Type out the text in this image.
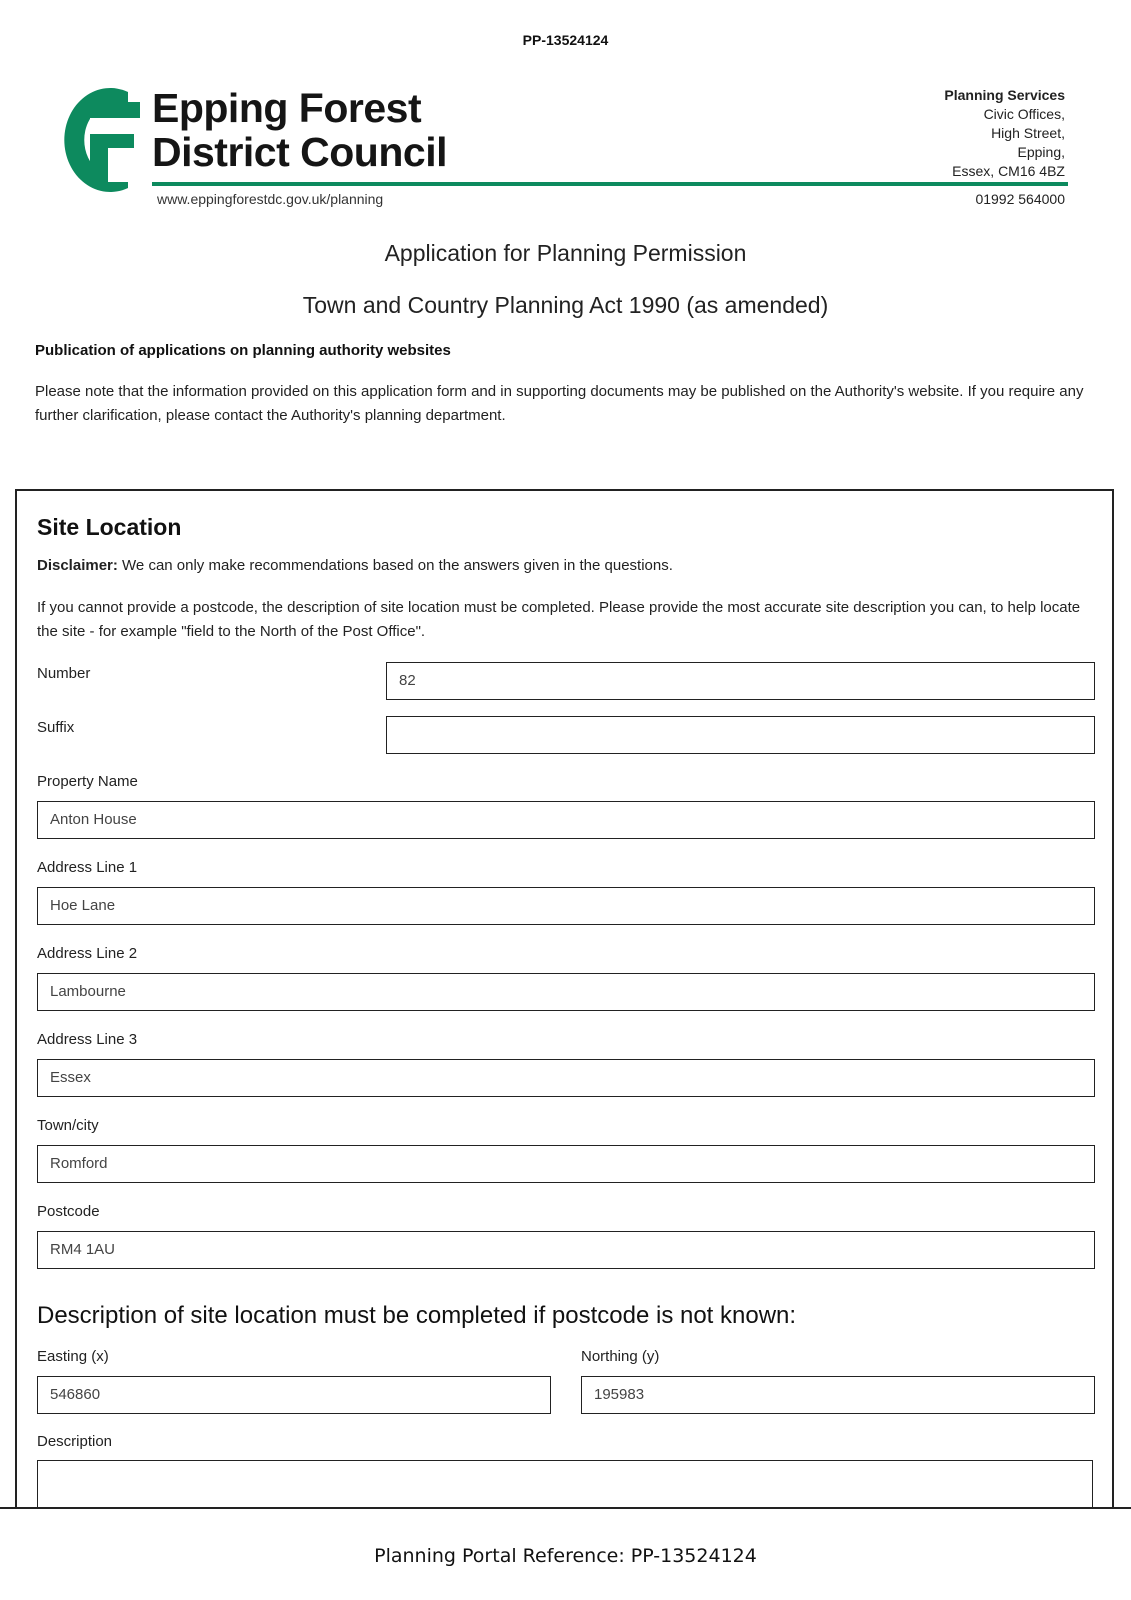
PP-13524124
Epping Forest
District Council
www.eppingforestdc.gov.uk/planning
Planning Services
Civic Offices,
High Street,
Epping,
Essex, CM16 4BZ
01992 564000
Application for Planning Permission
Town and Country Planning Act 1990 (as amended)
Publication of applications on planning authority websites
Please note that the information provided on this application form and in supporting documents may be published on the Authority's website. If you require any further clarification, please contact the Authority's planning department.
Site Location
Disclaimer: We can only make recommendations based on the answers given in the questions.
If you cannot provide a postcode, the description of site location must be completed. Please provide the most accurate site description you can, to help locate the site - for example "field to the North of the Post Office".
Number	82
Suffix
Property Name
Anton House
Address Line 1
Hoe Lane
Address Line 2
Lambourne
Address Line 3
Essex
Town/city
Romford
Postcode
RM4 1AU
Description of site location must be completed if postcode is not known:
Easting (x)
546860
Northing (y)
195983
Description
Planning Portal Reference: PP-13524124
